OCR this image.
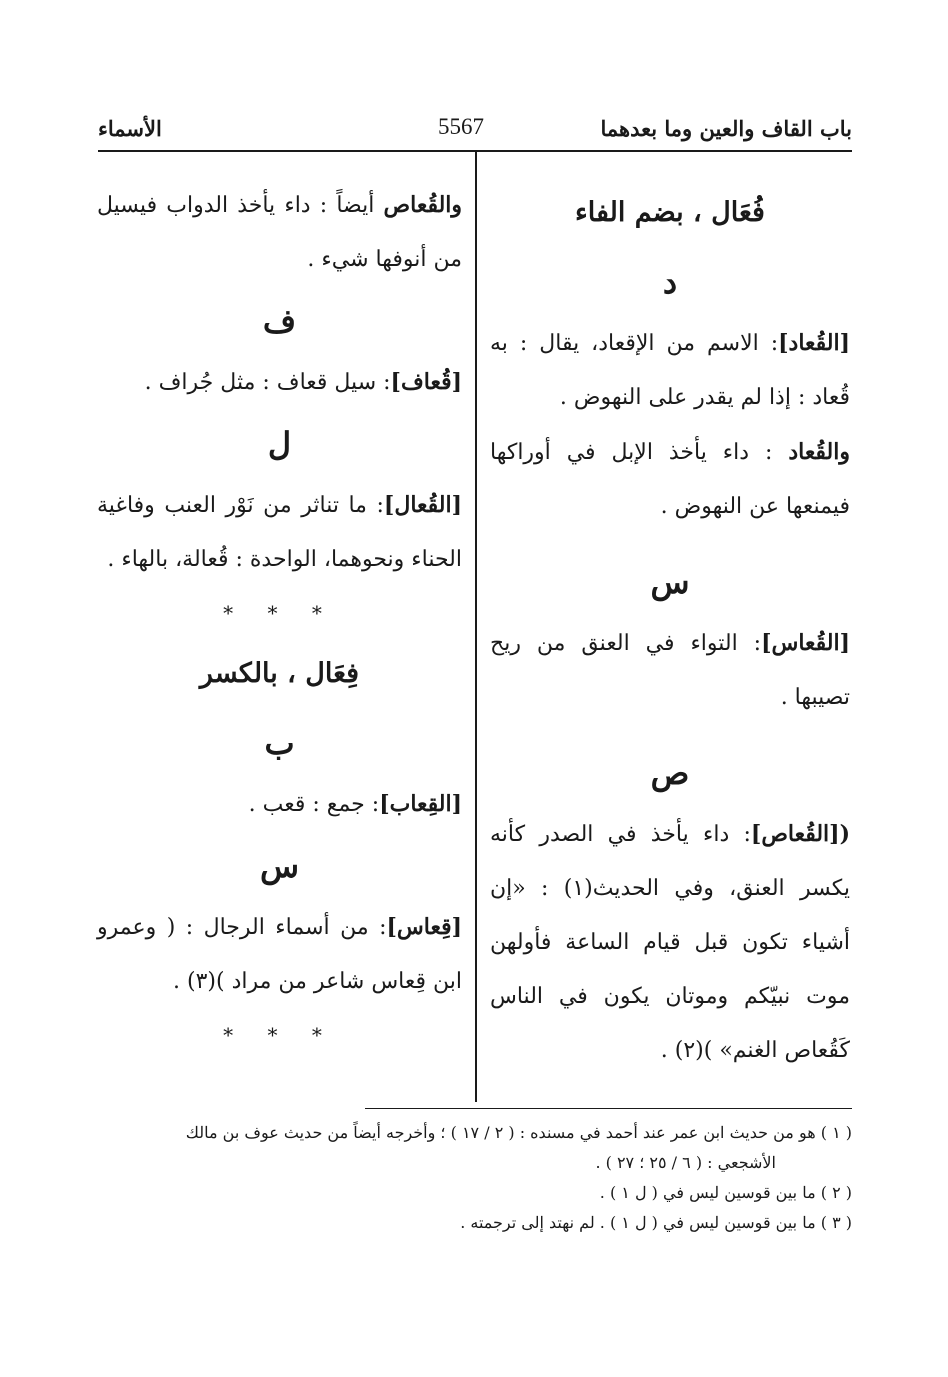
باب القاف والعين وما بعدهما
5567
الأسماء
فُعَال ، بضم الفاء
د

[القُعاد]: الاسم من الإقعاد، يقال : به قُعاد : إذا لم يقدر على النهوض .

والقُعاد : داء يأخذ الإبل في أوراكها فيمنعها عن النهوض .

س

[القُعاس]: التواء في العنق من ريح تصيبها .

ص

([القُعاص]: داء يأخذ في الصدر كأنه يكسر العنق، وفي الحديث(١) : «إن أشياء تكون قبل قيام الساعة فأولهن موت نبيّكم وموتان يكون في الناس كَقُعاص الغنم» )(٢) .

والقُعاص أيضاً : داء يأخذ الدواب فيسيل من أنوفها شيء .

ف

[قُعاف]: سيل قعاف : مثل جُراف .

ل

[القُعال]: ما تناثر من نَوْر العنب وفاغية الحناء ونحوهما، الواحدة : قُعالة، بالهاء .

* * *
فِعَال ، بالكسر
ب

[القِعاب]: جمع : قعب .

س

[قِعاس]: من أسماء الرجال : ( وعمرو ابن قِعاس شاعر من مراد )(٣) .

* * *
( ١ ) هو من حديث ابن عمر عند أحمد في مسنده : ( ٢ / ١٧ ) ؛ وأخرجه أيضاً من حديث عوف بن مالك
الأشجعي : ( ٦ / ٢٥ ؛ ٢٧ ) .
( ٢ ) ما بين قوسين ليس في ( ل ١ ) .
( ٣ ) ما بين قوسين ليس في ( ل ١ ) . لم نهتد إلى ترجمته .
